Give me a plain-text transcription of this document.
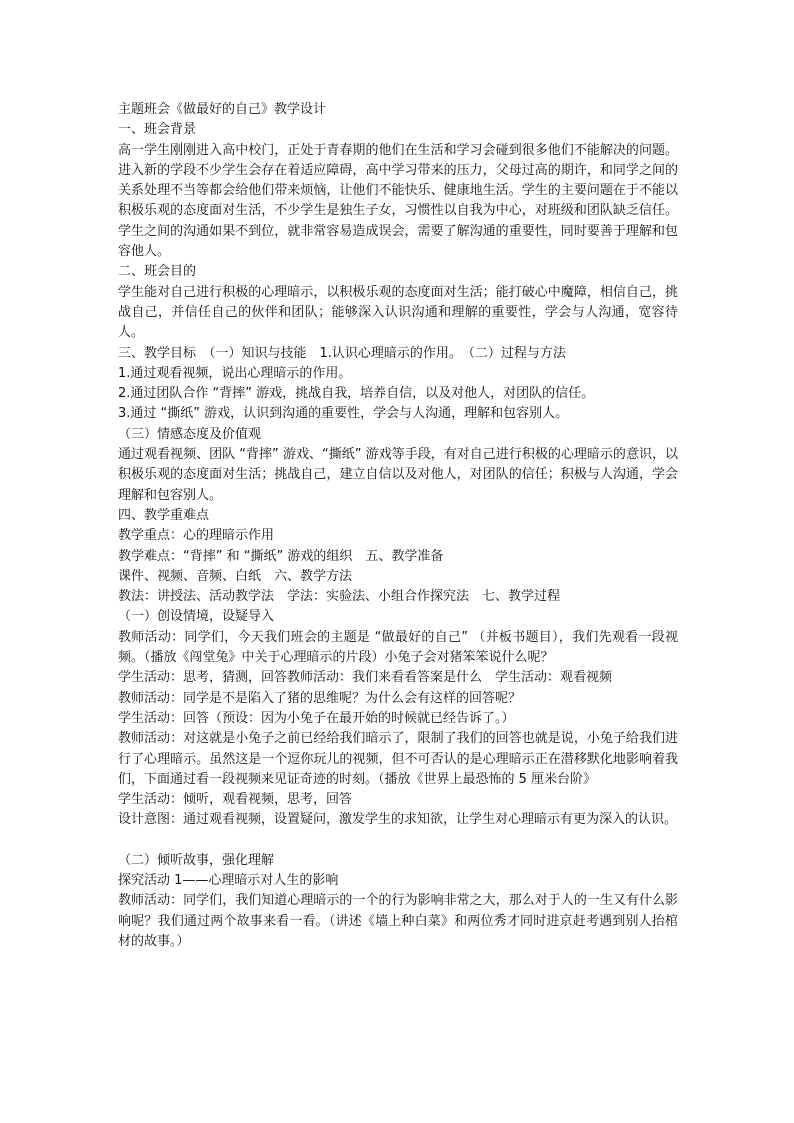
主题班会《做最好的自己》教学设计
一、班会背景
高一学生刚刚进入高中校门，正处于青春期的他们在生活和学习会碰到很多他们不能解决的问题。进入新的学段不少学生会存在着适应障碍，高中学习带来的压力，父母过高的期许，和同学之间的关系处理不当等都会给他们带来烦恼，让他们不能快乐、健康地生活。学生的主要问题在于不能以积极乐观的态度面对生活，不少学生是独生子女，习惯性以自我为中心，对班级和团队缺乏信任。学生之间的沟通如果不到位，就非常容易造成误会，需要了解沟通的重要性，同时要善于理解和包容他人。
二、班会目的
学生能对自己进行积极的心理暗示，以积极乐观的态度面对生活；能打破心中魔障，相信自己，挑战自己，并信任自己的伙伴和团队；能够深入认识沟通和理解的重要性，学会与人沟通，宽容待人。
三、教学目标　（一）知识与技能　1.认识心理暗示的作用。　（二）过程与方法
1.通过观看视频，说出心理暗示的作用。
2.通过团队合作 “背摔” 游戏，挑战自我，培养自信，以及对他人，对团队的信任。
3.通过 “撕纸” 游戏，认识到沟通的重要性，学会与人沟通，理解和包容别人。
（三）情感态度及价值观
通过观看视频、团队 “背摔” 游戏、“撕纸” 游戏等手段，有对自己进行积极的心理暗示的意识，以积极乐观的态度面对生活；挑战自己，建立自信以及对他人，对团队的信任；积极与人沟通，学会理解和包容别人。
四、教学重难点
教学重点：心的理暗示作用
教学难点：“背摔” 和 “撕纸” 游戏的组织　五、教学准备
课件、视频、音频、白纸　六、教学方法
教法：讲授法、活动教学法　学法：实验法、小组合作探究法　七、教学过程
（一）创设情境，设疑导入
教师活动：同学们，今天我们班会的主题是 “做最好的自己” （并板书题目），我们先观看一段视频。（播放《闯堂兔》中关于心理暗示的片段）小兔子会对猪笨笨说什么呢？
学生活动：思考，猜测，回答教师活动：我们来看看答案是什么　学生活动：观看视频
教师活动：同学是不是陷入了猪的思维呢？为什么会有这样的回答呢？
学生活动：回答（预设：因为小兔子在最开始的时候就已经告诉了。）
教师活动：对这就是小兔子之前已经给我们暗示了，限制了我们的回答也就是说，小兔子给我们进行了心理暗示。虽然这是一个逗你玩儿的视频，但不可否认的是心理暗示正在潜移默化地影响着我们，下面通过看一段视频来见证奇迹的时刻。（播放《世界上最恐怖的 5 厘米台阶》
学生活动：倾听，观看视频，思考，回答
设计意图：通过观看视频，设置疑问，激发学生的求知欲，让学生对心理暗示有更为深入的认识。
（二）倾听故事，强化理解
探究活动 1——心理暗示对人生的影响
教师活动：同学们，我们知道心理暗示的一个的行为影响非常之大，那么对于人的一生又有什么影响呢？我们通过两个故事来看一看。（讲述《墙上种白菜》和两位秀才同时进京赶考遇到别人抬棺材的故事。）
